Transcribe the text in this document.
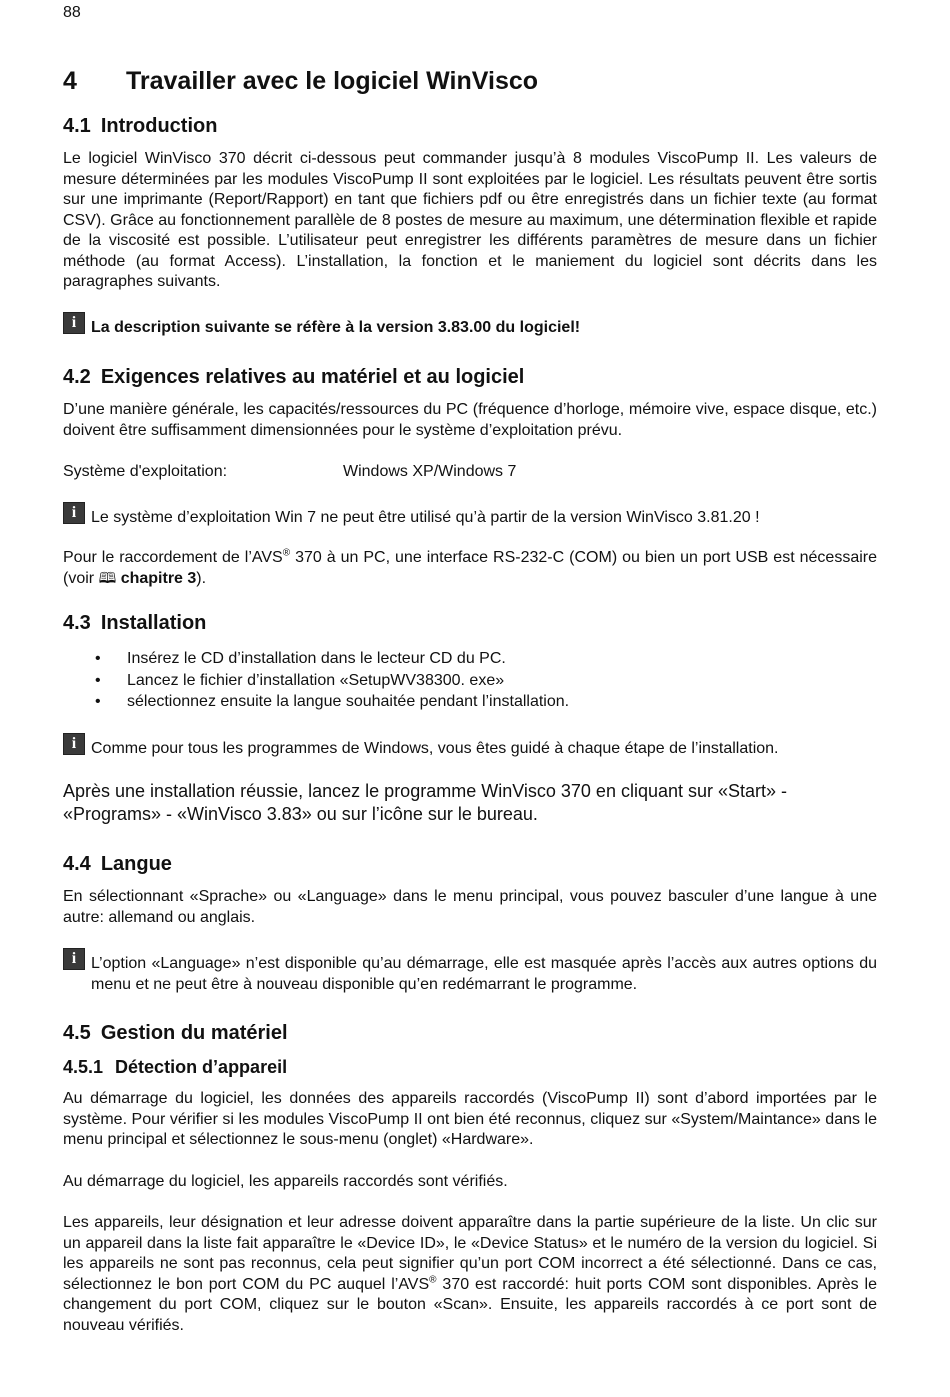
88
4 Travailler avec le logiciel WinVisco
4.1 Introduction

Le logiciel WinVisco 370 décrit ci-dessous peut commander jusqu’à 8 modules ViscoPump II. Les valeurs de mesure déterminées par les modules ViscoPump II sont exploitées par le logiciel. Les résultats peuvent être sortis sur une imprimante (Report/Rapport) en tant que fichiers pdf ou être enregistrés dans un fichier texte (au format CSV). Grâce au fonctionnement parallèle de 8 postes de mesure au maximum, une détermination flexible et rapide de la viscosité est possible. L’utilisateur peut enregistrer les différents paramètres de mesure dans un fichier méthode (au format Access). L’installation, la fonction et le maniement du logiciel sont décrits dans les paragraphes suivants.

i La description suivante se réfère à la version 3.83.00 du logiciel!
4.2 Exigences relatives au matériel et au logiciel

D’une manière générale, les capacités/ressources du PC (fréquence d’horloge, mémoire vive, espace disque, etc.) doivent être suffisamment dimensionnées pour le système d’exploitation prévu.

Système d'exploitation:	Windows XP/Windows 7
i Le système d’exploitation Win 7 ne peut être utilisé qu’à partir de la version WinVisco 3.81.20 !

Pour le raccordement de l’AVS® 370 à un PC, une interface RS-232-C (COM) ou bien un port USB est nécessaire (voir 🕮 chapitre 3).

4.3 Installation
• Insérez le CD d’installation dans le lecteur CD du PC.
• Lancez le fichier d’installation «SetupWV38300. exe»
• sélectionnez ensuite la langue souhaitée pendant l’installation.
i Comme pour tous les programmes de Windows, vous êtes guidé à chaque étape de l’installation.

Après une installation réussie, lancez le programme WinVisco 370 en cliquant sur «Start» - «Programs» - «WinVisco 3.83» ou sur l’icône sur le bureau.

4.4 Langue

En sélectionnant «Sprache» ou «Language» dans le menu principal, vous pouvez basculer d’une langue à une autre: allemand ou anglais.

i L’option «Language» n’est disponible qu’au démarrage, elle est masquée après l’accès aux autres options du menu et ne peut être à nouveau disponible qu’en redémarrant le programme.
4.5 Gestion du matériel
4.5.1 Détection d’appareil

Au démarrage du logiciel, les données des appareils raccordés (ViscoPump II) sont d’abord importées par le système. Pour vérifier si les modules ViscoPump II ont bien été reconnus, cliquez sur «System/Maintance» dans le menu principal et sélectionnez le sous-menu (onglet) «Hardware».

Au démarrage du logiciel, les appareils raccordés sont vérifiés.

Les appareils, leur désignation et leur adresse doivent apparaître dans la partie supérieure de la liste. Un clic sur un appareil dans la liste fait apparaître le «Device ID», le «Device Status» et le numéro de la version du logiciel. Si les appareils ne sont pas reconnus, cela peut signifier qu’un port COM incorrect a été sélectionné. Dans ce cas, sélectionnez le bon port COM du PC auquel l’AVS® 370 est raccordé: huit ports COM sont disponibles. Après le changement du port COM, cliquez sur le bouton «Scan». Ensuite, les appareils raccordés à ce port sont de nouveau vérifiés.
